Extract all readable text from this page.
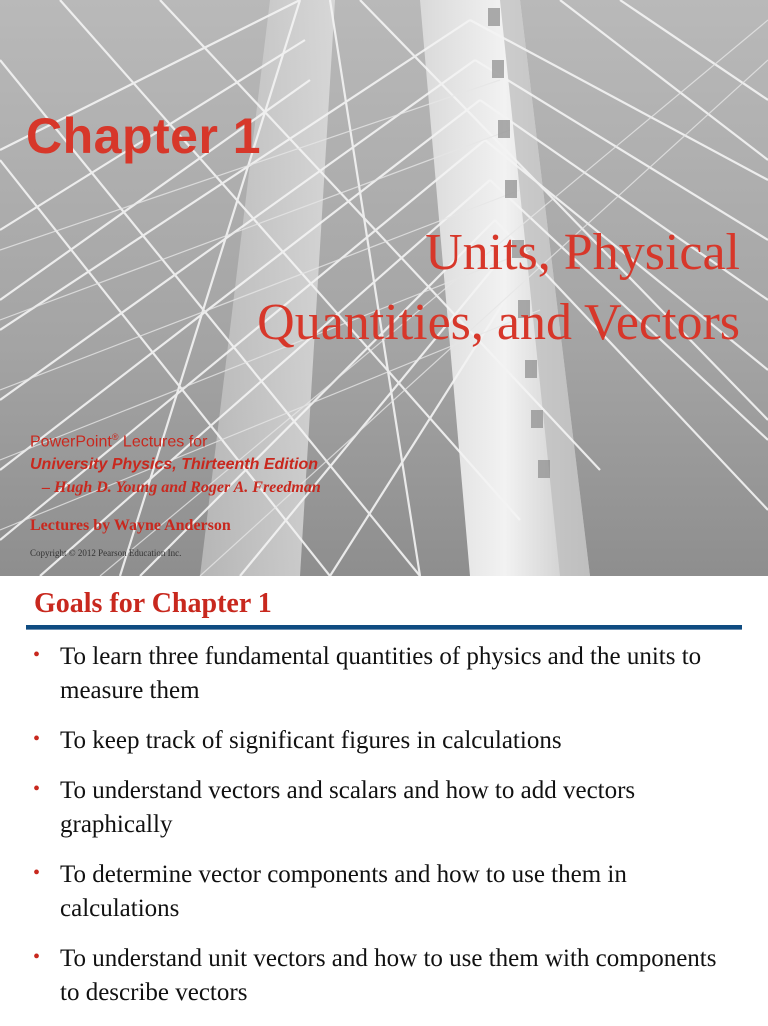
Chapter 1
Units, Physical
Quantities, and Vectors
PowerPoint® Lectures for
University Physics, Thirteenth Edition
– Hugh D. Young and Roger A. Freedman
Lectures by Wayne Anderson
Copyright © 2012 Pearson Education Inc.
Goals for Chapter 1
• To learn three fundamental quantities of physics and the units to measure them
• To keep track of significant figures in calculations
• To understand vectors and scalars and how to add vectors graphically
• To determine vector components and how to use them in calculations
• To understand unit vectors and how to use them with components to describe vectors
